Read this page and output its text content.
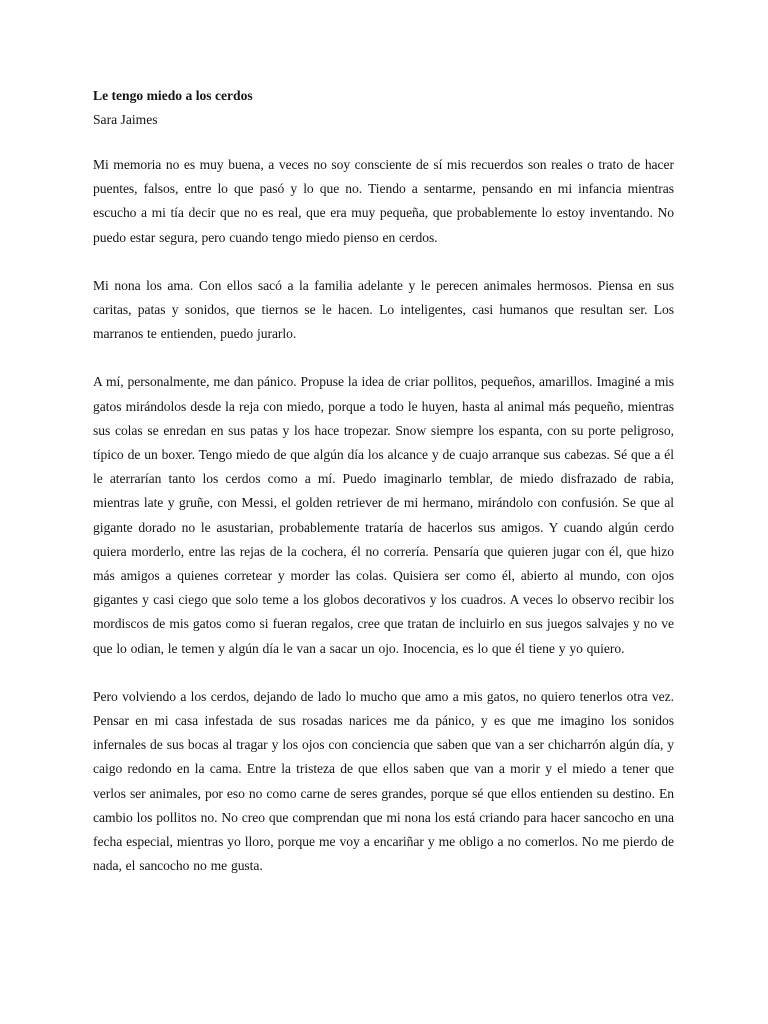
Le tengo miedo a los cerdos

Sara Jaimes

Mi memoria no es muy buena, a veces no soy consciente de sí mis recuerdos son reales o trato de hacer puentes, falsos, entre lo que pasó y lo que no. Tiendo a sentarme, pensando en mi infancia mientras escucho a mi tía decir que no es real, que era muy pequeña, que probablemente lo estoy inventando. No puedo estar segura, pero cuando tengo miedo pienso en cerdos.

Mi nona los ama. Con ellos sacó a la familia adelante y le perecen animales hermosos. Piensa en sus caritas, patas y sonidos, que tiernos se le hacen. Lo inteligentes, casi humanos que resultan ser. Los marranos te entienden, puedo jurarlo.

A mí, personalmente, me dan pánico. Propuse la idea de criar pollitos, pequeños, amarillos. Imaginé a mis gatos mirándolos desde la reja con miedo, porque a todo le huyen, hasta al animal más pequeño, mientras sus colas se enredan en sus patas y los hace tropezar. Snow siempre los espanta, con su porte peligroso, típico de un boxer. Tengo miedo de que algún día los alcance y de cuajo arranque sus cabezas. Sé que a él le aterrarían tanto los cerdos como a mí. Puedo imaginarlo temblar, de miedo disfrazado de rabia, mientras late y gruñe, con Messi, el golden retriever de mi hermano, mirándolo con confusión. Se que al gigante dorado no le asustarian, probablemente trataría de hacerlos sus amigos. Y cuando algún cerdo quiera morderlo, entre las rejas de la cochera, él no correría. Pensaría que quieren jugar con él, que hizo más amigos a quienes corretear y morder las colas. Quisiera ser como él, abierto al mundo, con ojos gigantes y casi ciego que solo teme a los globos decorativos y los cuadros. A veces lo observo recibir los mordiscos de mis gatos como si fueran regalos, cree que tratan de incluirlo en sus juegos salvajes y no ve que lo odian, le temen y algún día le van a sacar un ojo. Inocencia, es lo que él tiene y yo quiero.

Pero volviendo a los cerdos, dejando de lado lo mucho que amo a mis gatos, no quiero tenerlos otra vez. Pensar en mi casa infestada de sus rosadas narices me da pánico, y es que me imagino los sonidos infernales de sus bocas al tragar y los ojos con conciencia que saben que van a ser chicharrón algún día, y caigo redondo en la cama. Entre la tristeza de que ellos saben que van a morir y el miedo a tener que verlos ser animales, por eso no como carne de seres grandes, porque sé que ellos entienden su destino. En cambio los pollitos no. No creo que comprendan que mi nona los está criando para hacer sancocho en una fecha especial, mientras yo lloro, porque me voy a encariñar y me obligo a no comerlos. No me pierdo de nada, el sancocho no me gusta.
